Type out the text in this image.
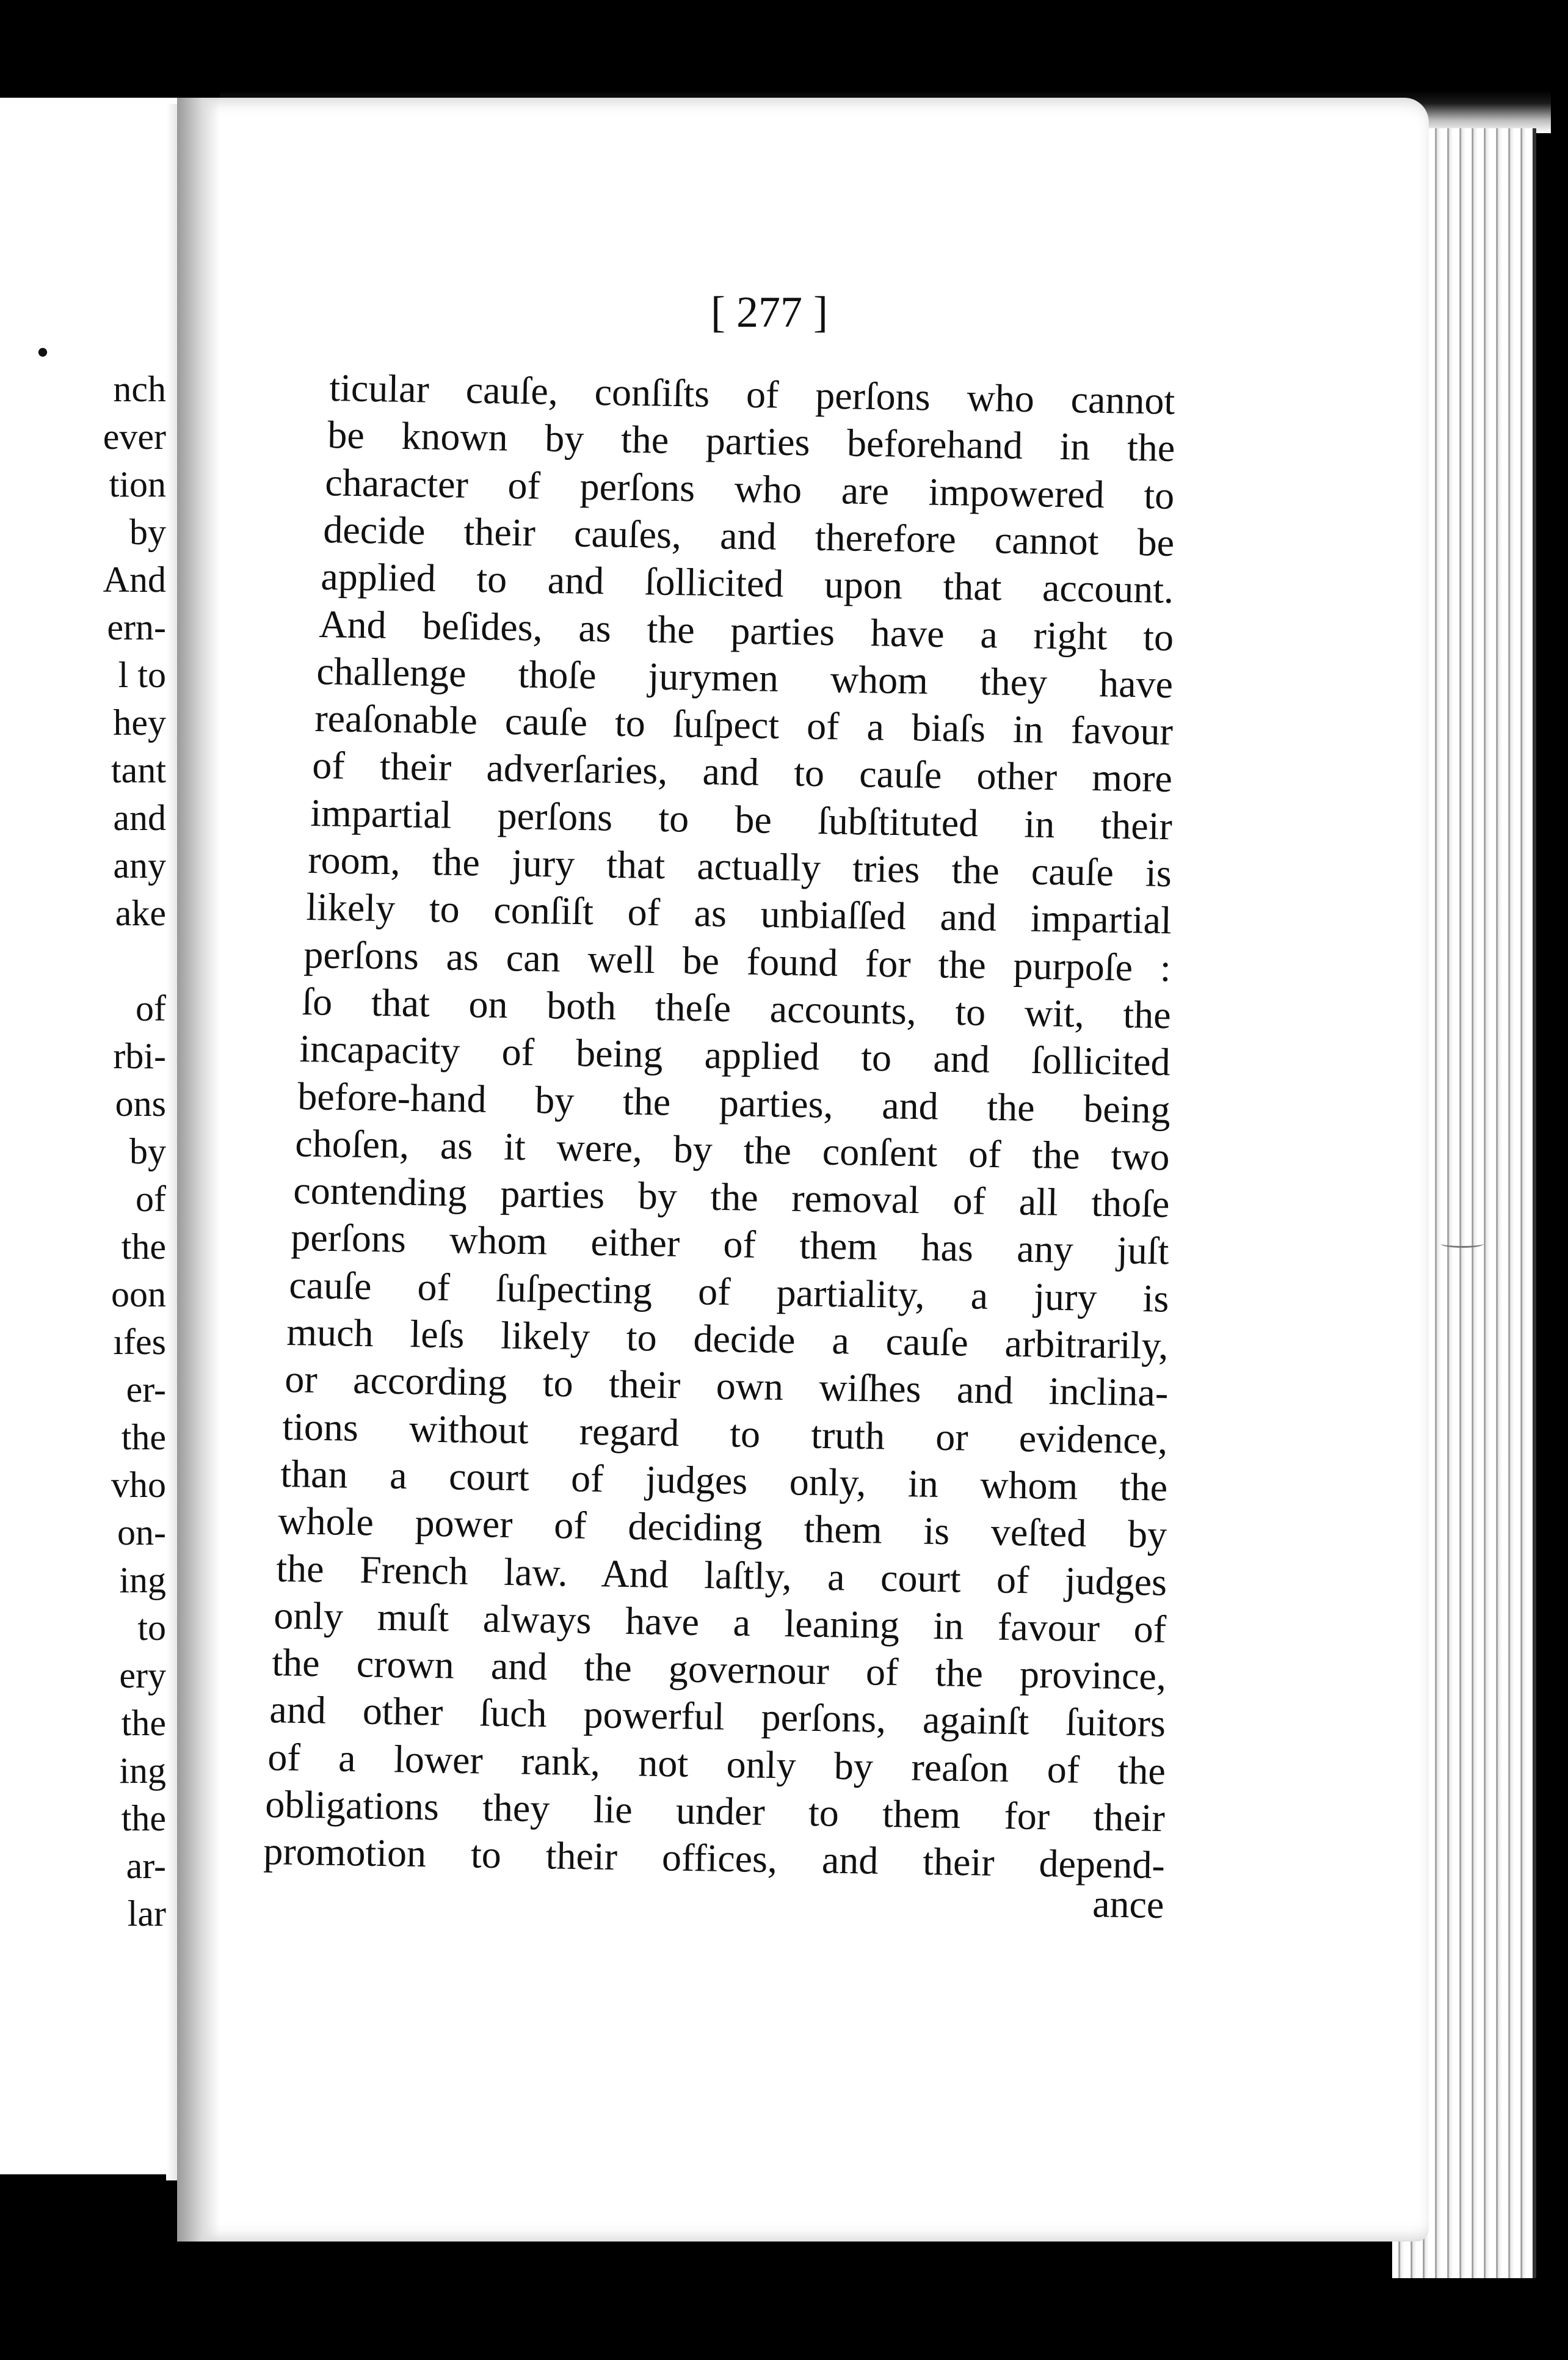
•
nch
ever
tion
by
And
ern-
l to
hey
tant
and
any
ake
of
rbi-
ons
by
of
the
oon
ıfes
er-
the
vho
on-
ing
to
ery
the
ing
the
ar-
lar
[ 277 ]
ticular cauſe, conſiſts of perſons who cannot
be known by the parties beforehand in the
character of perſons who are impowered to
decide their cauſes, and therefore cannot be
applied to and ſollicited upon that account.
And beſides, as the parties have a right to
challenge thoſe jurymen whom they have
reaſonable cauſe to ſuſpect of a biaſs in favour
of their adverſaries, and to cauſe other more
impartial perſons to be ſubſtituted in their
room, the jury that actually tries the cauſe is
likely to conſiſt of as unbiaſſed and impartial
perſons as can well be found for the purpoſe :
ſo that on both theſe accounts, to wit, the
incapacity of being applied to and ſollicited
before-hand by the parties, and the being
choſen, as it were, by the conſent of the two
contending parties by the removal of all thoſe
perſons whom either of them has any juſt
cauſe of ſuſpecting of partiality, a jury is
much leſs likely to decide a cauſe arbitrarily,
or according to their own wiſhes and inclina-
tions without regard to truth or evidence,
than a court of judges only, in whom the
whole power of deciding them is veſted by
the French law. And laſtly, a court of judges
only muſt always have a leaning in favour of
the crown and the governour of the province,
and other ſuch powerful perſons, againſt ſuitors
of a lower rank, not only by reaſon of the
obligations they lie under to them for their
promotion to their offices, and their depend-
ance
